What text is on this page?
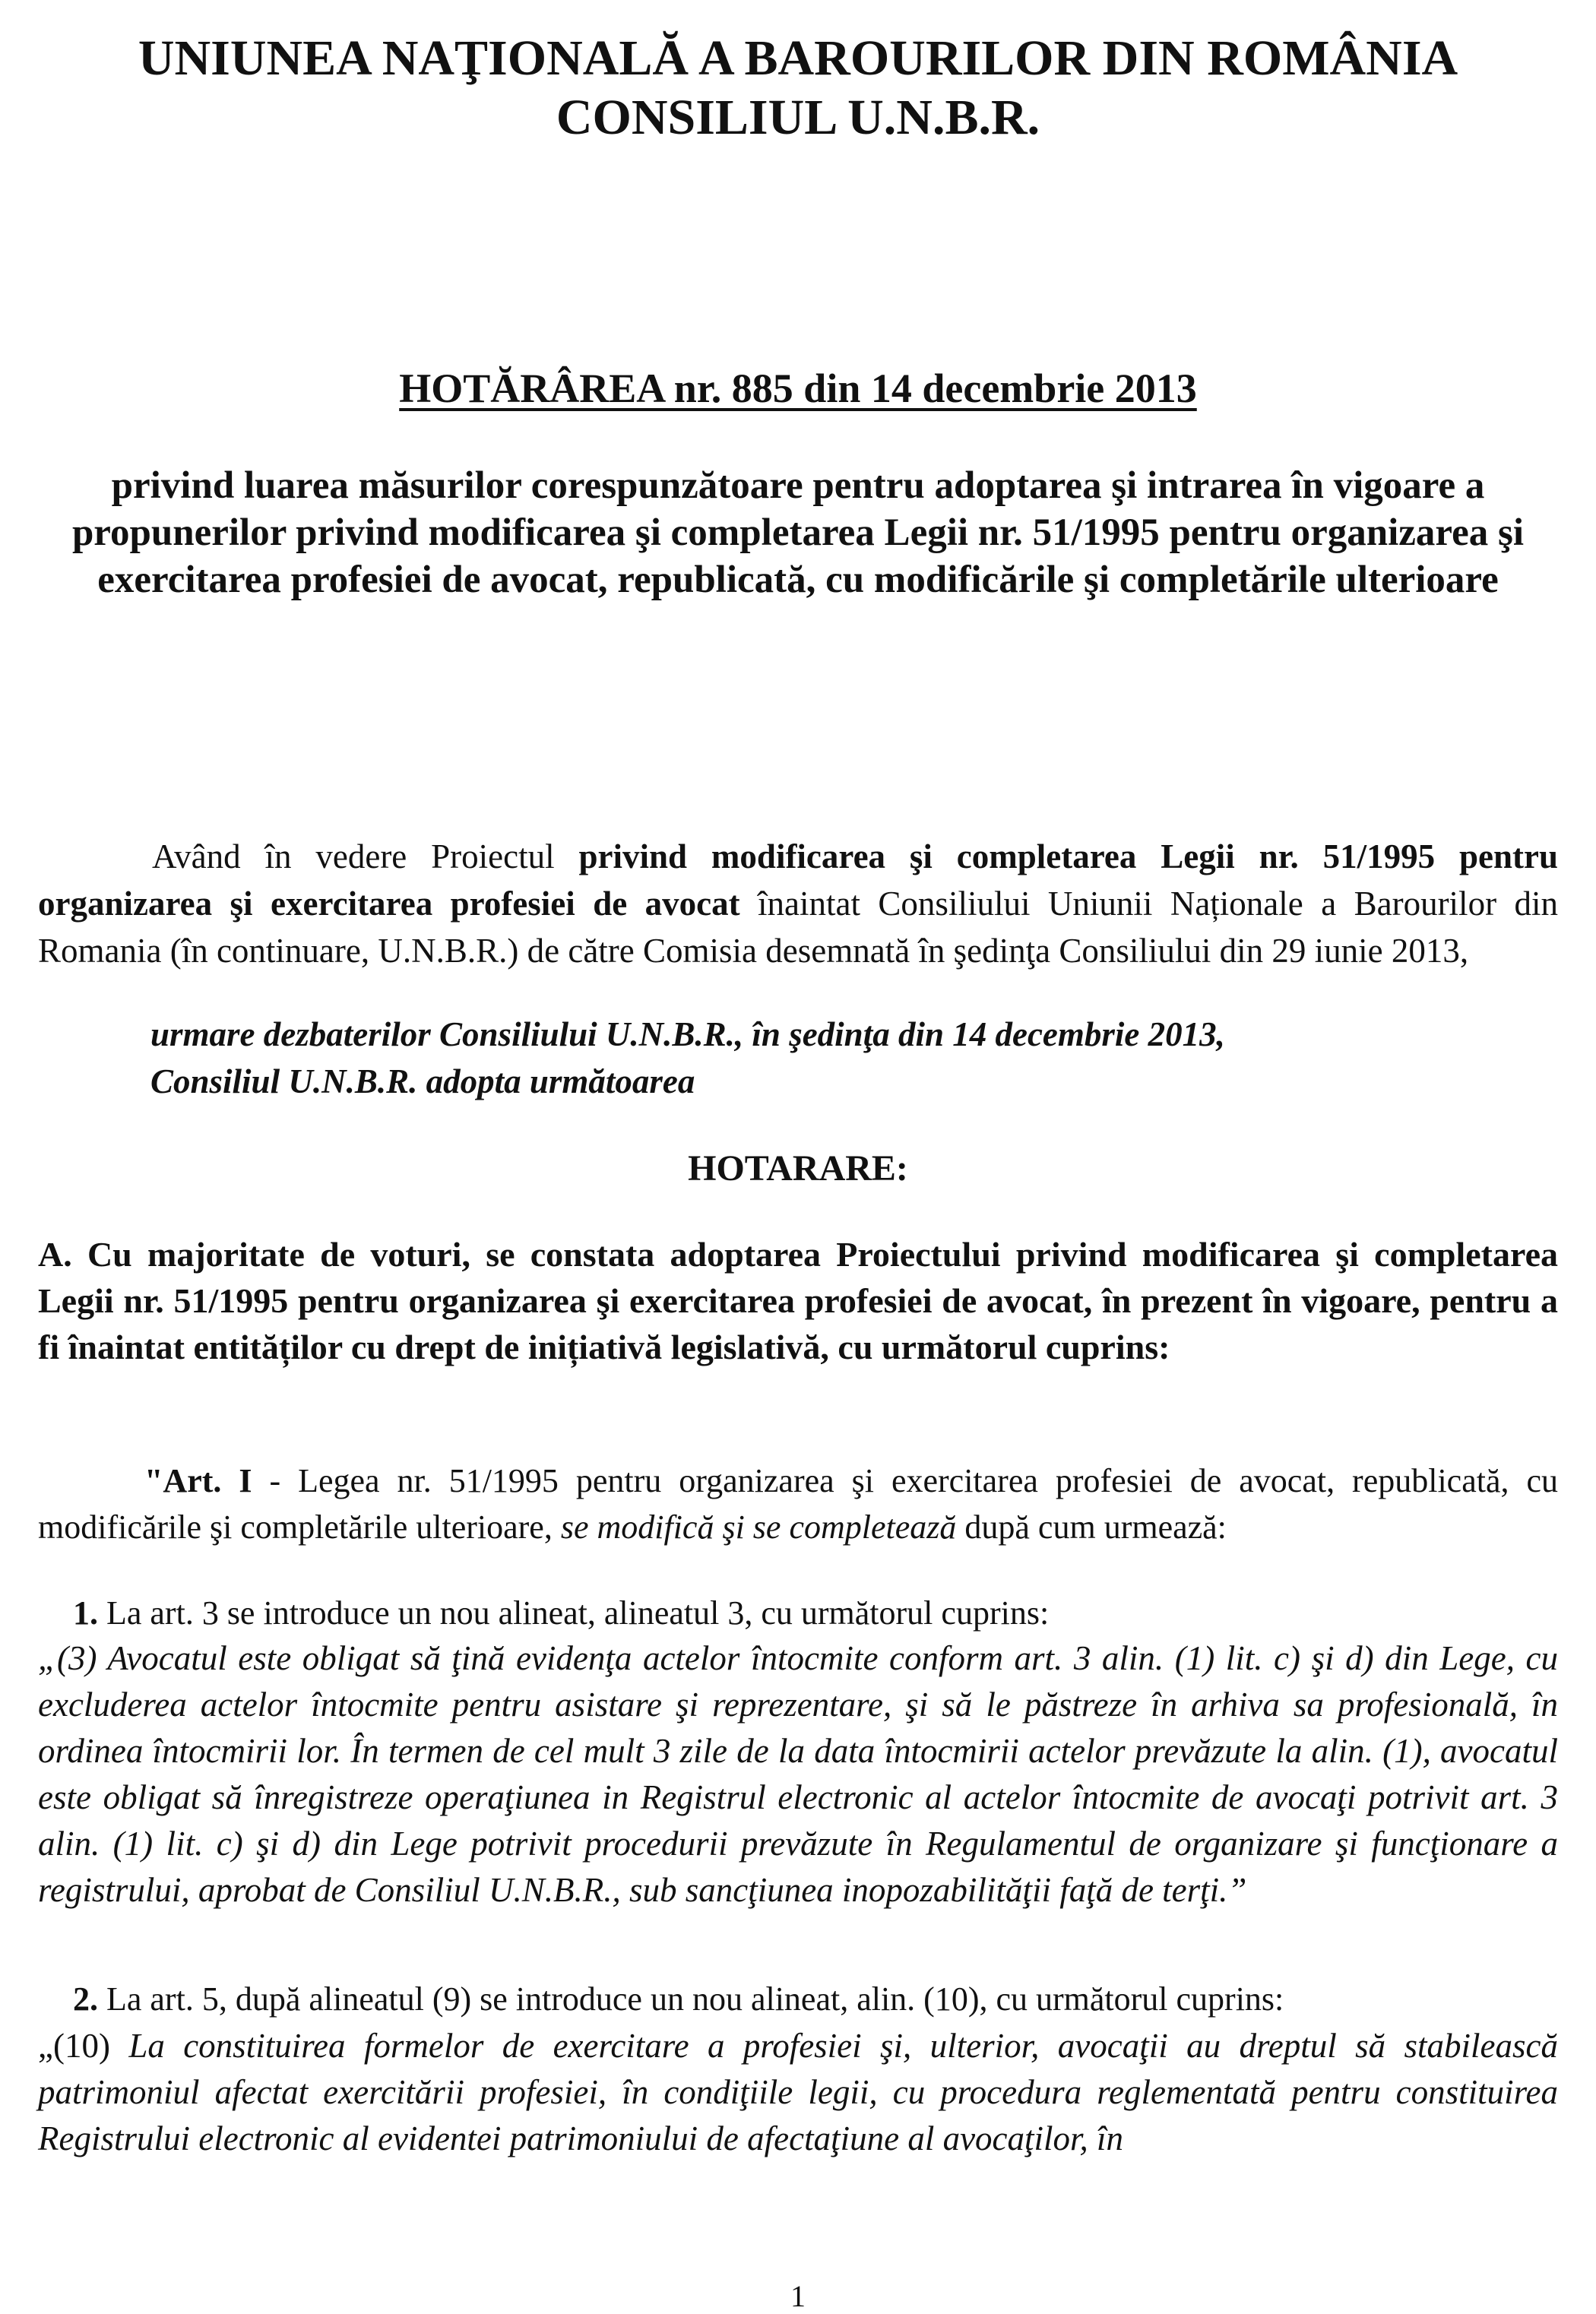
UNIUNEA NAŢIONALĂ A BAROURILOR DIN ROMÂNIA
CONSILIUL U.N.B.R.
HOTĂRÂREA nr. 885 din 14 decembrie 2013
privind luarea măsurilor corespunzătoare pentru adoptarea şi intrarea în vigoare a propunerilor privind modificarea şi completarea Legii nr. 51/1995 pentru organizarea şi exercitarea profesiei de avocat, republicată, cu modificările şi completările ulterioare

Având în vedere Proiectul privind modificarea şi completarea Legii nr. 51/1995 pentru organizarea şi exercitarea profesiei de avocat înaintat Consiliului Uniunii Naționale a Barourilor din Romania (în continuare, U.N.B.R.) de către Comisia desemnată în şedinţa Consiliului din 29 iunie 2013,

urmare dezbaterilor Consiliului U.N.B.R., în şedinţa din 14 decembrie 2013,
Consiliul U.N.B.R. adopta următoarea
HOTARARE:
A. Cu majoritate de voturi, se constata adoptarea Proiectului privind modificarea şi completarea Legii nr. 51/1995 pentru organizarea şi exercitarea profesiei de avocat, în prezent în vigoare, pentru a fi înaintat entităților cu drept de inițiativă legislativă, cu următorul cuprins:
"Art. I - Legea nr. 51/1995 pentru organizarea şi exercitarea profesiei de avocat, republicată, cu modificările şi completările ulterioare, se modifică şi se completează după cum urmează:
1. La art. 3 se introduce un nou alineat, alineatul 3, cu următorul cuprins:
„(3) Avocatul este obligat să ţină evidenţa actelor întocmite conform art. 3 alin. (1) lit. c) şi d) din Lege, cu excluderea actelor întocmite pentru asistare şi reprezentare, şi să le păstreze în arhiva sa profesională, în ordinea întocmirii lor. În termen de cel mult 3 zile de la data întocmirii actelor prevăzute la alin. (1), avocatul este obligat să înregistreze operaţiunea in Registrul electronic al actelor întocmite de avocaţi potrivit art. 3 alin. (1) lit. c) şi d) din Lege potrivit procedurii prevăzute în Regulamentul de organizare şi funcţionare a registrului, aprobat de Consiliul U.N.B.R., sub sancţiunea inopozabilităţii faţă de terţi.”
2. La art. 5, după alineatul (9) se introduce un nou alineat, alin. (10), cu următorul cuprins:
„(10) La constituirea formelor de exercitare a profesiei şi, ulterior, avocaţii au dreptul să stabilească patrimoniul afectat exercitării profesiei, în condiţiile legii, cu procedura reglementată pentru constituirea Registrului electronic al evidentei patrimoniului de afectaţiune al avocaţilor, în
1
